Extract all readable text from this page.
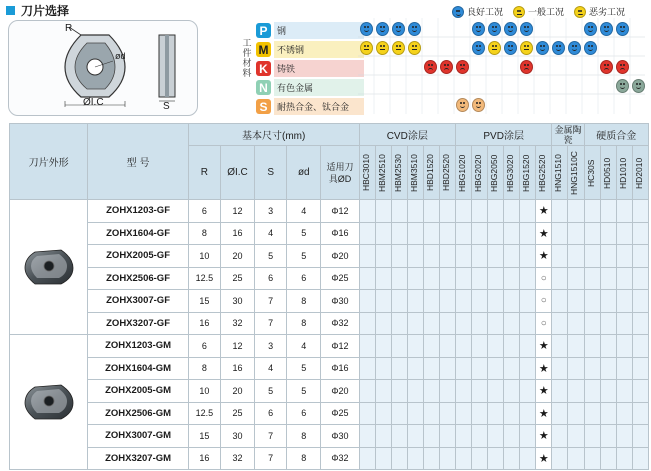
刀片选择
R
ød
ØI.C	S
良好工况	一般工况	恶劣工况
工
件
材
料
P	钢
M 不锈钢
K	铸铁
N	有色金属
S	耐热合金、钛合金
刀片外形	型 号	基本尺寸(mm)					CVD涂层						PVD涂层						金属陶瓷		硬质合金			
		R	ØI.C	S	ød	适用刀具ØD	HBC3010	HBM2510	HBM2530	HBM3510	HBD1520	HBD2520	HBG1020	HBG2020	HBG2050	HBG3020	HBG1520	HBG2520	HNG1510	HNG1510C	HC30S	HD0510	HD1010	HD2010

	ZOHX1203-GF	6	12	3	4	Φ12												★						
	ZOHX1604-GF	8	16	4	5	Φ16												★						
	ZOHX2005-GF	10	20	5	5	Φ20												★						
	ZOHX2506-GF	12.5	25	6	6	Φ25												○						
	ZOHX3007-GF	15	30	7	8	Φ30												○						
	ZOHX3207-GF	16	32	7	8	Φ32												○						

	ZOHX1203-GM	6	12	3	4	Φ12												★						
	ZOHX1604-GM	8	16	4	5	Φ16												★						
	ZOHX2005-GM	10	20	5	5	Φ20												★						
	ZOHX2506-GM	12.5	25	6	6	Φ25												★						
	ZOHX3007-GM	15	30	7	8	Φ30												★						
	ZOHX3207-GM	16	32	7	8	Φ32												★						
